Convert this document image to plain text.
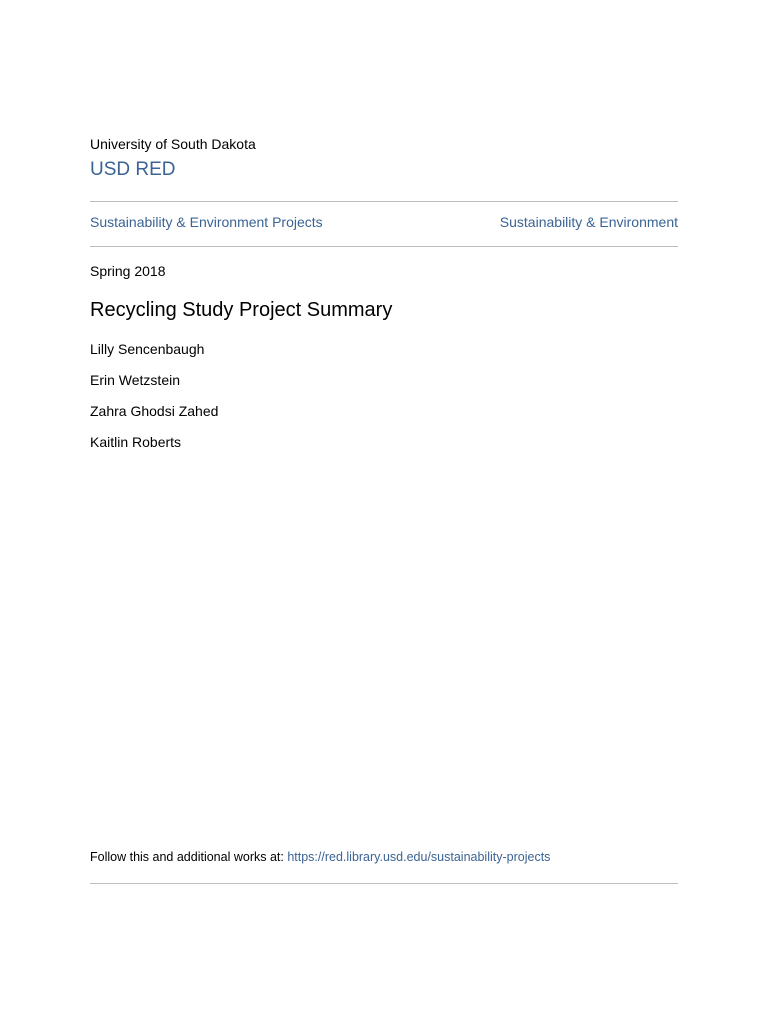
University of South Dakota
USD RED
Sustainability & Environment Projects	Sustainability & Environment
Spring 2018
Recycling Study Project Summary
Lilly Sencenbaugh
Erin Wetzstein
Zahra Ghodsi Zahed
Kaitlin Roberts
Follow this and additional works at: https://red.library.usd.edu/sustainability-projects
